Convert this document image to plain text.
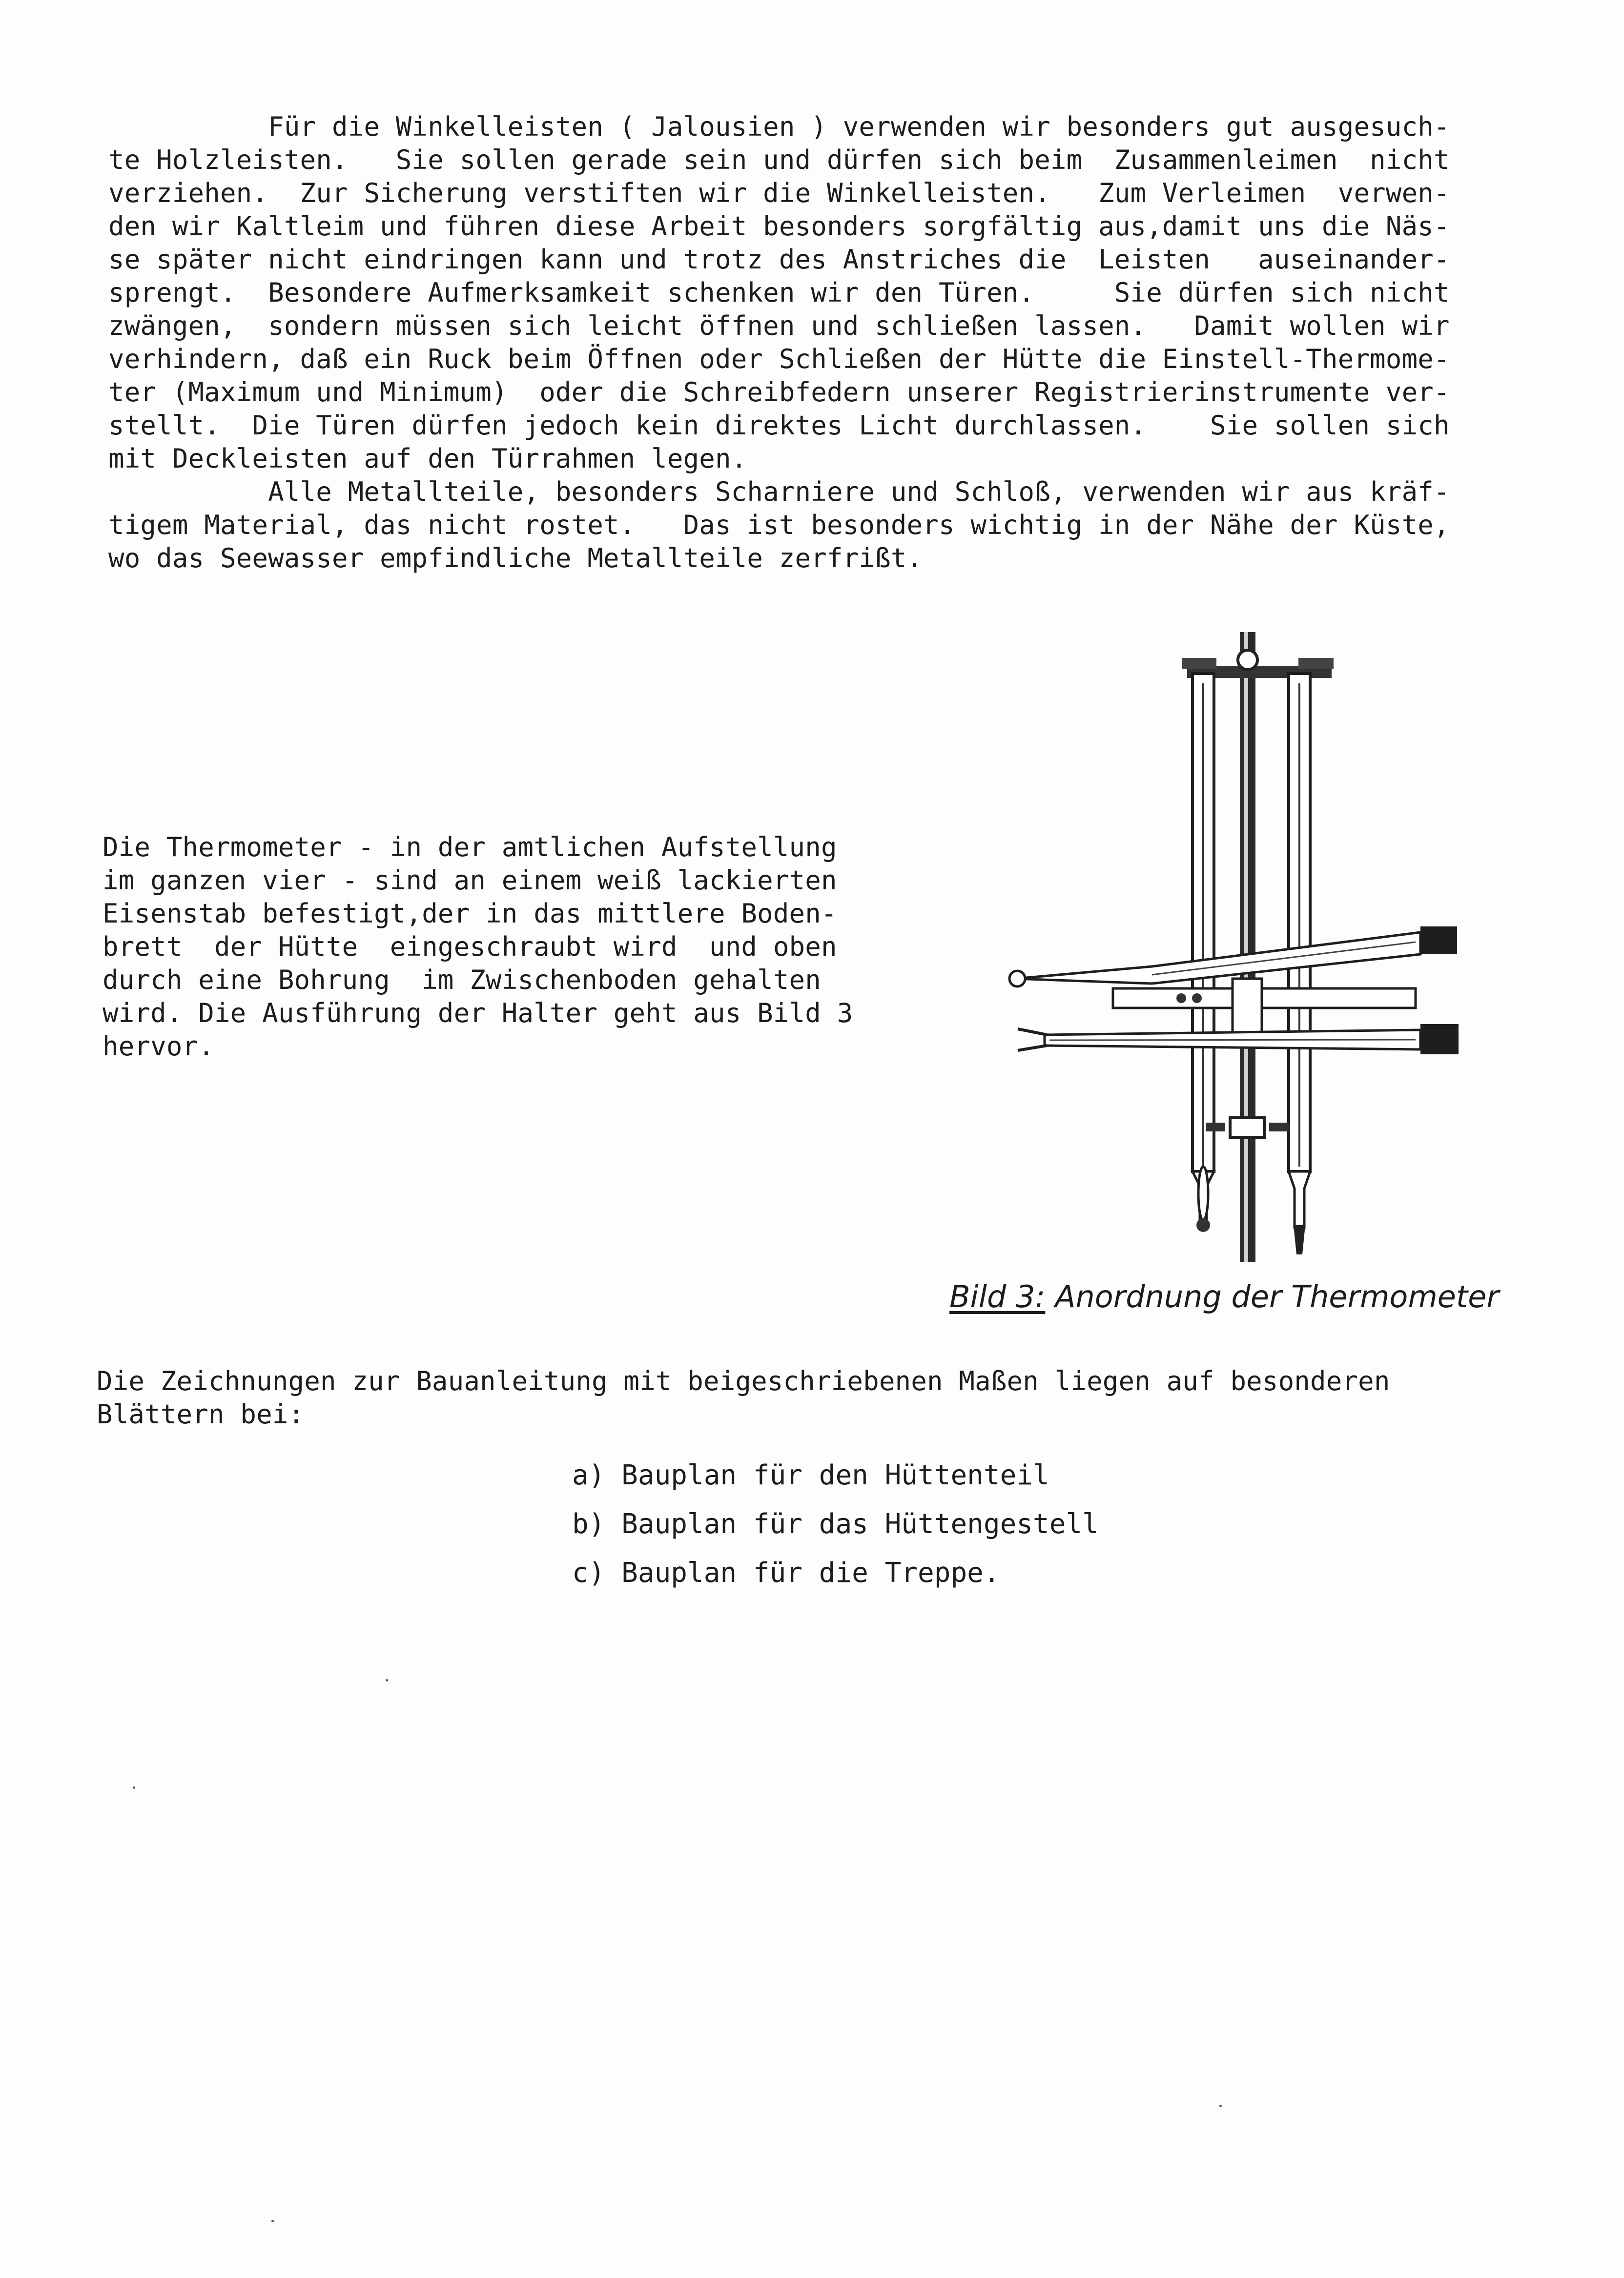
Für die Winkelleisten ( Jalousien ) verwenden wir besonders gut ausgesuch-
te Holzleisten.   Sie sollen gerade sein und dürfen sich beim  Zusammenleimen  nicht
verziehen.  Zur Sicherung verstiften wir die Winkelleisten.   Zum Verleimen  verwen-
den wir Kaltleim und führen diese Arbeit besonders sorgfältig aus,damit uns die Näs-
se später nicht eindringen kann und trotz des Anstriches die  Leisten   auseinander-
sprengt.  Besondere Aufmerksamkeit schenken wir den Türen.     Sie dürfen sich nicht
zwängen,  sondern müssen sich leicht öffnen und schließen lassen.   Damit wollen wir
verhindern, daß ein Ruck beim Öffnen oder Schließen der Hütte die Einstell-Thermome-
ter (Maximum und Minimum)  oder die Schreibfedern unserer Registrierinstrumente ver-
stellt.  Die Türen dürfen jedoch kein direktes Licht durchlassen.    Sie sollen sich
mit Deckleisten auf den Türrahmen legen.
Alle Metallteile, besonders Scharniere und Schloß, verwenden wir aus kräf-
tigem Material, das nicht rostet.   Das ist besonders wichtig in der Nähe der Küste,
wo das Seewasser empfindliche Metallteile zerfrißt.
Die Thermometer - in der amtlichen Aufstellung
im ganzen vier - sind an einem weiß lackierten
Eisenstab befestigt,der in das mittlere Boden-
brett  der Hütte  eingeschraubt wird  und oben
durch eine Bohrung  im Zwischenboden gehalten
wird. Die Ausführung der Halter geht aus Bild 3
hervor.
Bild 3: Anordnung der Thermometer
Die Zeichnungen zur Bauanleitung mit beigeschriebenen Maßen liegen auf besonderen
Blättern bei:
a) Bauplan für den Hüttenteil
b) Bauplan für das Hüttengestell
c) Bauplan für die Treppe.
